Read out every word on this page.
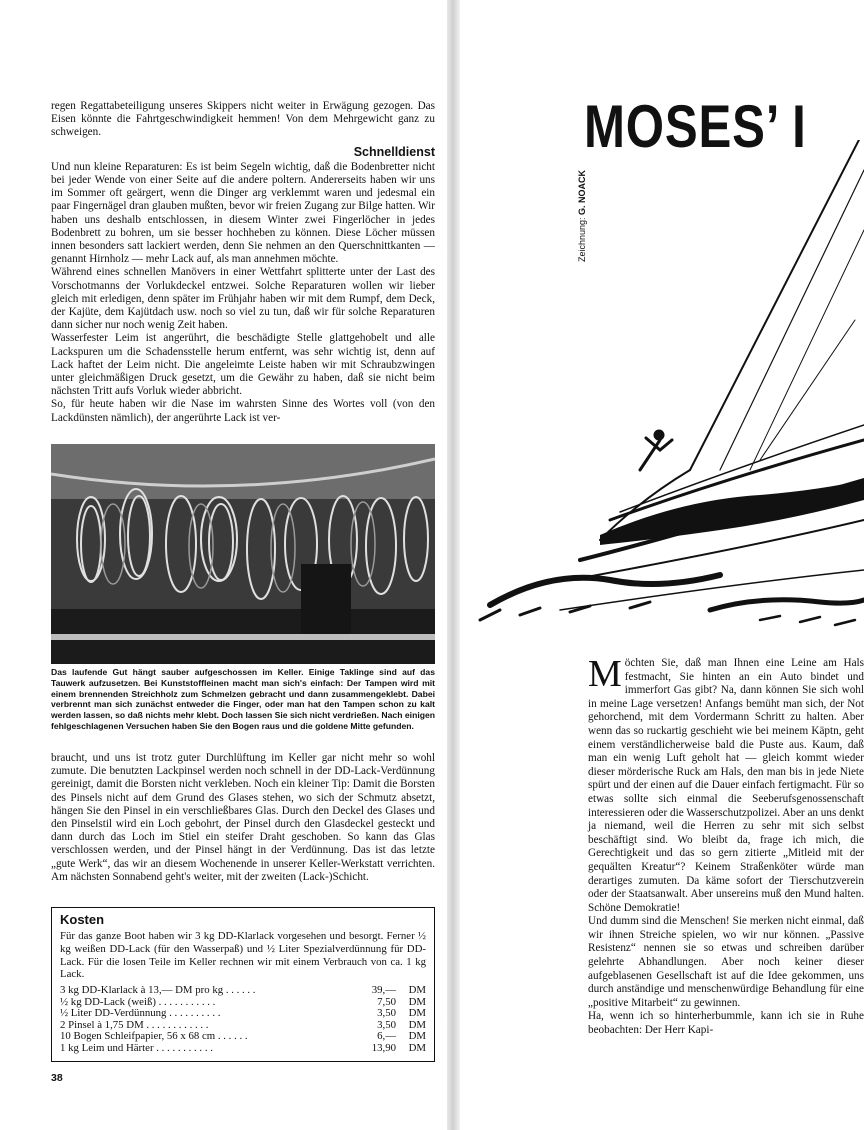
regen Regattabeteiligung unseres Skippers nicht weiter in Erwägung gezogen. Das Eisen könnte die Fahrtgeschwindigkeit hemmen! Von dem Mehrgewicht ganz zu schweigen.

Schnelldienst

Und nun kleine Reparaturen: Es ist beim Segeln wichtig, daß die Bodenbretter nicht bei jeder Wende von einer Seite auf die andere poltern. Andererseits haben wir uns im Sommer oft geärgert, wenn die Dinger arg verklemmt waren und jedesmal ein paar Fingernägel dran glauben mußten, bevor wir freien Zugang zur Bilge hatten. Wir haben uns deshalb entschlossen, in diesem Winter zwei Fingerlöcher in jedes Bodenbrett zu bohren, um sie besser hochheben zu können. Diese Löcher müssen innen besonders satt lackiert werden, denn Sie nehmen an den Querschnittkanten — genannt Hirnholz — mehr Lack auf, als man annehmen möchte.

Während eines schnellen Manövers in einer Wettfahrt splitterte unter der Last des Vorschotmanns der Vorlukdeckel entzwei. Solche Reparaturen wollen wir lieber gleich mit erledigen, denn später im Frühjahr haben wir mit dem Rumpf, dem Deck, der Kajüte, dem Kajütdach usw. noch so viel zu tun, daß wir für solche Reparaturen dann sicher nur noch wenig Zeit haben.

Wasserfester Leim ist angerührt, die beschädigte Stelle glattgehobelt und alle Lackspuren um die Schadensstelle herum entfernt, was sehr wichtig ist, denn auf Lack haftet der Leim nicht. Die angeleimte Leiste haben wir mit Schraubzwingen unter gleichmäßigen Druck gesetzt, um die Gewähr zu haben, daß sie nicht beim nächsten Tritt aufs Vorluk wieder abbricht.

So, für heute haben wir die Nase im wahrsten Sinne des Wortes voll (von den Lackdünsten nämlich), der angerührte Lack ist ver-

Das laufende Gut hängt sauber aufgeschossen im Keller. Einige Taklinge sind auf das Tauwerk aufzusetzen. Bei Kunststoffleinen macht man sich's einfach: Der Tampen wird mit einem brennenden Streichholz zum Schmelzen gebracht und dann zusammengeklebt. Dabei verbrennt man sich zunächst entweder die Finger, oder man hat den Tampen schon zu kalt werden lassen, so daß nichts mehr klebt. Doch lassen Sie sich nicht verdrießen. Nach einigen fehlgeschlagenen Versuchen haben Sie den Bogen raus und die goldene Mitte gefunden.

braucht, und uns ist trotz guter Durchlüftung im Keller gar nicht mehr so wohl zumute. Die benutzten Lackpinsel werden noch schnell in der DD-Lack-Verdünnung gereinigt, damit die Borsten nicht verkleben. Noch ein kleiner Tip: Damit die Borsten des Pinsels nicht auf dem Grund des Glases stehen, wo sich der Schmutz absetzt, hängen Sie den Pinsel in ein verschließbares Glas. Durch den Deckel des Glases und den Pinselstil wird ein Loch gebohrt, der Pinsel durch den Glasdeckel gesteckt und dann durch das Loch im Stiel ein steifer Draht geschoben. So kann das Glas verschlossen werden, und der Pinsel hängt in der Verdünnung. Das ist das letzte „gute Werk“, das wir an diesem Wochenende in unserer Keller-Werkstatt verrichten. Am nächsten Sonnabend geht's weiter, mit der zweiten (Lack-)Schicht.

Kosten

Für das ganze Boot haben wir 3 kg DD-Klarlack vorgesehen und besorgt. Ferner ½ kg weißen DD-Lack (für den Wasserpaß) und ½ Liter Spezialverdünnung für DD-Lack. Für die losen Teile im Keller rechnen wir mit einem Verbrauch von ca. 1 kg Lack.

3 kg DD-Klarlack à 13,— DM pro kg . . . . . .	39,—	DM
½ kg DD-Lack (weiß) . . . . . . . . . . .	7,50	DM
½ Liter DD-Verdünnung . . . . . . . . . .	3,50	DM
2 Pinsel à 1,75 DM . . . . . . . . . . . .	3,50	DM
10 Bogen Schleifpapier, 56 x 68 cm . . . . . .	6,—	DM
1 kg Leim und Härter . . . . . . . . . . .	13,90	DM
38
MOSES’ I
Zeichnung: G. NOACK

Möchten Sie, daß man Ihnen eine Leine am Hals festmacht, Sie hinten an ein Auto bindet und immerfort Gas gibt? Na, dann können Sie sich wohl in meine Lage versetzen! Anfangs bemüht man sich, der Not gehorchend, mit dem Vordermann Schritt zu halten. Aber wenn das so ruckartig geschieht wie bei meinem Käptn, geht einem verständlicherweise bald die Puste aus. Kaum, daß man ein wenig Luft geholt hat — gleich kommt wieder dieser mörderische Ruck am Hals, den man bis in jede Niete spürt und der einen auf die Dauer einfach fertigmacht. Für so etwas sollte sich einmal die Seeberufsgenossenschaft interessieren oder die Wasserschutzpolizei. Aber an uns denkt ja niemand, weil die Herren zu sehr mit sich selbst beschäftigt sind. Wo bleibt da, frage ich mich, die Gerechtigkeit und das so gern zitierte „Mitleid mit der gequälten Kreatur“? Keinem Straßenköter würde man derartiges zumuten. Da käme sofort der Tierschutzverein oder der Staatsanwalt. Aber unsereins muß den Mund halten. Schöne Demokratie!

Und dumm sind die Menschen! Sie merken nicht einmal, daß wir ihnen Streiche spielen, wo wir nur können. „Passive Resistenz“ nennen sie so etwas und schreiben darüber gelehrte Abhandlungen. Aber noch keiner dieser aufgeblasenen Gesellschaft ist auf die Idee gekommen, uns durch anständige und menschenwürdige Behandlung für eine „positive Mitarbeit“ zu gewinnen.

Ha, wenn ich so hinterherbummle, kann ich sie in Ruhe beobachten: Der Herr Kapi-
